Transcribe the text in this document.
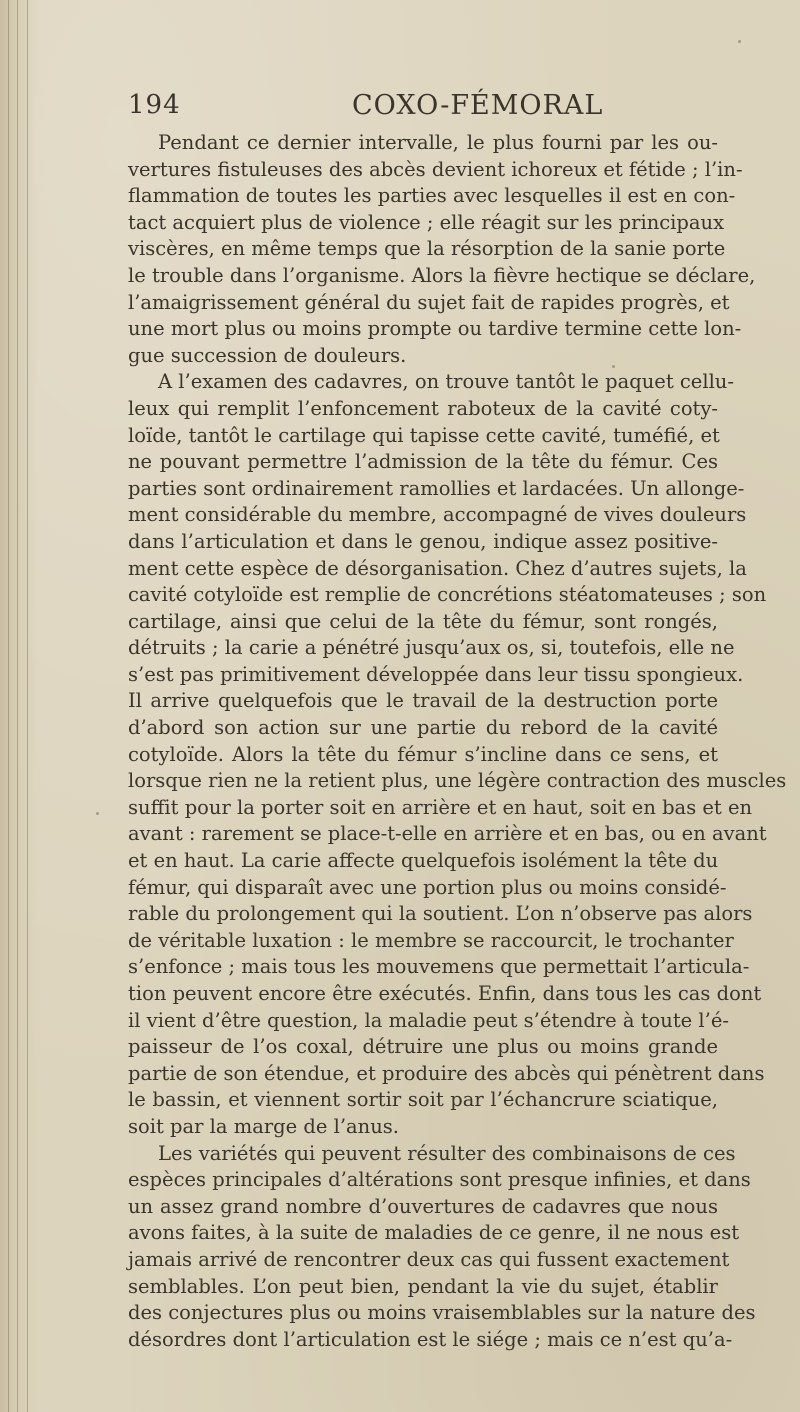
194	COXO-FÉMORAL
Pendant ce dernier intervalle, le plus fourni par les ou-
vertures fistuleuses des abcès devient ichoreux et fétide ; l’in-
flammation de toutes les parties avec lesquelles il est en con-
tact acquiert plus de violence ; elle réagit sur les principaux
viscères, en même temps que la résorption de la sanie porte
le trouble dans l’organisme. Alors la fièvre hectique se déclare,
l’amaigrissement général du sujet fait de rapides progrès, et
une mort plus ou moins prompte ou tardive termine cette lon-
gue succession de douleurs.
A l’examen des cadavres, on trouve tantôt le paquet cellu-
leux qui remplit l’enfoncement raboteux de la cavité coty-
loïde, tantôt le cartilage qui tapisse cette cavité, tuméfié, et
ne pouvant permettre l’admission de la tête du fémur. Ces
parties sont ordinairement ramollies et lardacées. Un allonge-
ment considérable du membre, accompagné de vives douleurs
dans l’articulation et dans le genou, indique assez positive-
ment cette espèce de désorganisation. Chez d’autres sujets, la
cavité cotyloïde est remplie de concrétions stéatomateuses ; son
cartilage, ainsi que celui de la tête du fémur, sont rongés,
détruits ; la carie a pénétré jusqu’aux os, si, toutefois, elle ne
s’est pas primitivement développée dans leur tissu spongieux.
Il arrive quelquefois que le travail de la destruction porte
d’abord son action sur une partie du rebord de la cavité
cotyloïde. Alors la tête du fémur s’incline dans ce sens, et
lorsque rien ne la retient plus, une légère contraction des muscles
suffit pour la porter soit en arrière et en haut, soit en bas et en
avant : rarement se place-t-elle en arrière et en bas, ou en avant
et en haut. La carie affecte quelquefois isolément la tête du
fémur, qui disparaît avec une portion plus ou moins considé-
rable du prolongement qui la soutient. L’on n’observe pas alors
de véritable luxation : le membre se raccourcit, le trochanter
s’enfonce ; mais tous les mouvemens que permettait l’articula-
tion peuvent encore être exécutés. Enfin, dans tous les cas dont
il vient d’être question, la maladie peut s’étendre à toute l’é-
paisseur de l’os coxal, détruire une plus ou moins grande
partie de son étendue, et produire des abcès qui pénètrent dans
le bassin, et viennent sortir soit par l’échancrure sciatique,
soit par la marge de l’anus.
Les variétés qui peuvent résulter des combinaisons de ces
espèces principales d’altérations sont presque infinies, et dans
un assez grand nombre d’ouvertures de cadavres que nous
avons faites, à la suite de maladies de ce genre, il ne nous est
jamais arrivé de rencontrer deux cas qui fussent exactement
semblables. L’on peut bien, pendant la vie du sujet, établir
des conjectures plus ou moins vraisemblables sur la nature des
désordres dont l’articulation est le siége ; mais ce n’est qu’a-
